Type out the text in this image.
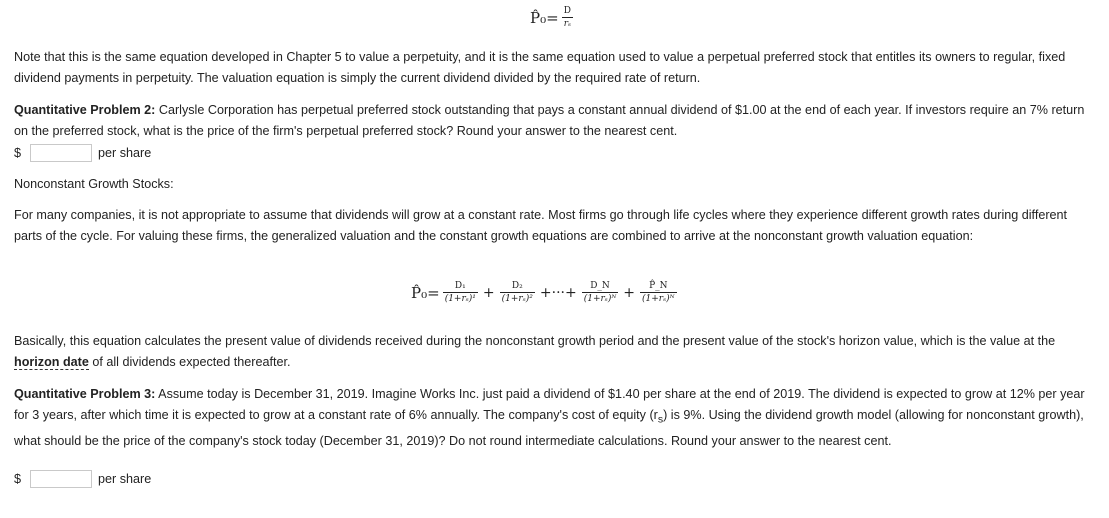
P̂₀= $\frac{D}{\text{rₛ}}$

Note that this is the same equation developed in Chapter 5 to value a perpetuity, and it is the same equation used to value a perpetual preferred stock that entitles its owners to regular, fixed dividend payments in perpetuity. The valuation equation is simply the current dividend divided by the required rate of return.

Quantitative Problem 2: Carlysle Corporation has perpetual preferred stock outstanding that pays a constant annual dividend of $1.00 at the end of each year. If investors require an 7% return on the preferred stock, what is the price of the firm's perpetual preferred stock? Round your answer to the nearest cent.

$	per share

Nonconstant Growth Stocks:

For many companies, it is not appropriate to assume that dividends will grow at a constant rate. Most firms go through life cycles where they experience different growth rates during different parts of the cycle. For valuing these firms, the generalized valuation and the constant growth equations are combined to arrive at the nonconstant growth valuation equation:

P̂₀= $\frac{\text{D₁}}{\text{(1+rₛ)¹}} + \frac{\text{D₂}}{\text{(1+rₛ)²}}$ +···+ $\frac{D\_N}{\text{(1+rₛ)ᴺ}} + \frac{P̂\_N}{\text{(1+rₛ)ᴺ}}$

Basically, this equation calculates the present value of dividends received during the nonconstant growth period and the present value of the stock's horizon value, which is the value at the horizon date of all dividends expected thereafter.

Quantitative Problem 3: Assume today is December 31, 2019. Imagine Works Inc. just paid a dividend of $1.40 per share at the end of 2019. The dividend is expected to grow at 12% per year for 3 years, after which time it is expected to grow at a constant rate of 6% annually. The company's cost of equity $(r_s)$ is 9%. Using the dividend growth model (allowing for nonconstant growth), what should be the price of the company's stock today (December 31, 2019)? Do not round intermediate calculations. Round your answer to the nearest cent.

$	per share
